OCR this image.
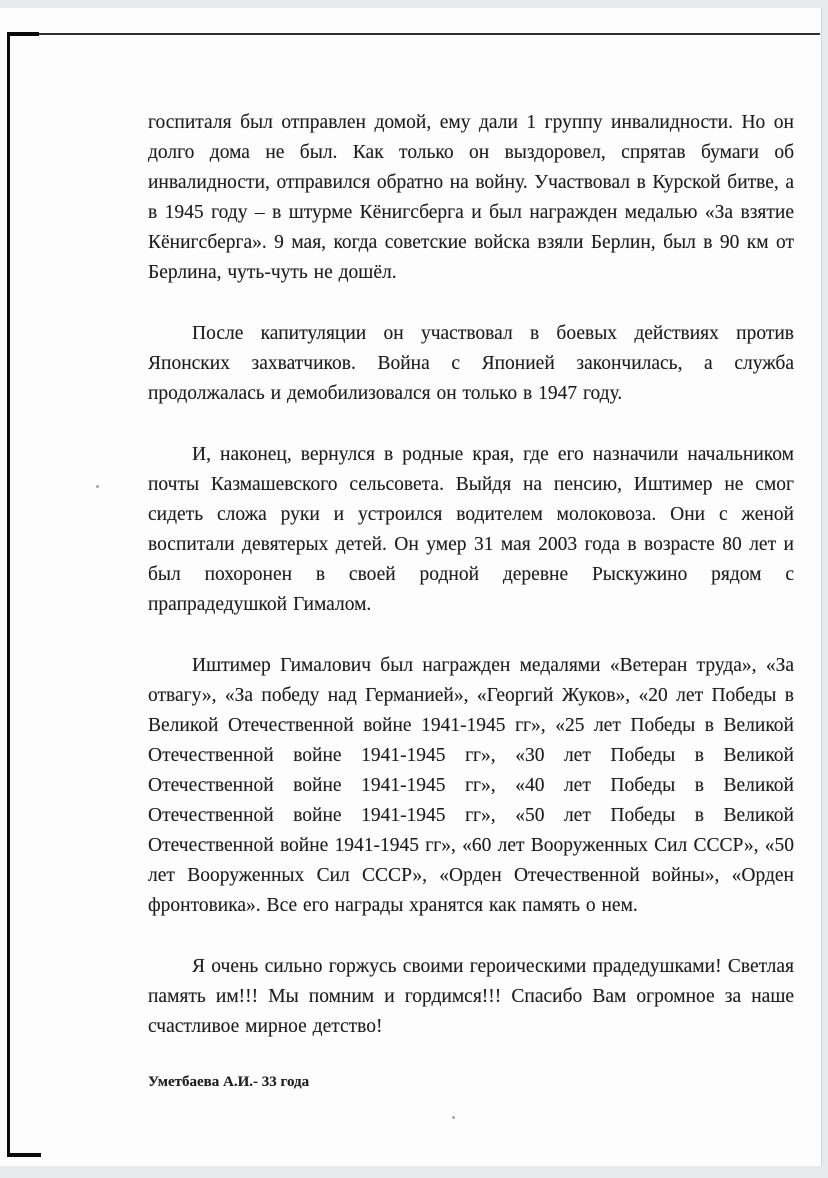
госпиталя был отправлен домой, ему дали 1 группу инвалидности. Но он долго дома не был. Как только он выздоровел, спрятав бумаги об инвалидности, отправился обратно на войну. Участвовал в Курской битве, а в 1945 году – в штурме Кёнигсберга и был награжден медалью «За взятие Кёнигсберга». 9 мая, когда советские войска взяли Берлин, был в 90 км от Берлина, чуть-чуть не дошёл.

После капитуляции он участвовал в боевых действиях против Японских захватчиков. Война с Японией закончилась, а служба продолжалась и демобилизовался он только в 1947 году.

И, наконец, вернулся в родные края, где его назначили начальником почты Казмашевского сельсовета. Выйдя на пенсию, Иштимер не смог сидеть сложа руки и устроился водителем молоковоза. Они с женой воспитали девятерых детей. Он умер 31 мая 2003 года в возрасте 80 лет и был похоронен в своей родной деревне Рыскужино рядом с прапрадедушкой Гималом.

Иштимер Гималович был награжден медалями «Ветеран труда», «За отвагу», «За победу над Германией», «Георгий Жуков», «20 лет Победы в Великой Отечественной войне 1941-1945 гг», «25 лет Победы в Великой Отечественной войне 1941-1945 гг», «30 лет Победы в Великой Отечественной войне 1941-1945 гг», «40 лет Победы в Великой Отечественной войне 1941-1945 гг», «50 лет Победы в Великой Отечественной войне 1941-1945 гг», «60 лет Вооруженных Сил СССР», «50 лет Вооруженных Сил СССР», «Орден Отечественной войны», «Орден фронтовика». Все его награды хранятся как память о нем.

Я очень сильно горжусь своими героическими прадедушками! Светлая память им!!! Мы помним и гордимся!!! Спасибо Вам огромное за наше счастливое мирное детство!

Уметбаева А.И.- 33 года
